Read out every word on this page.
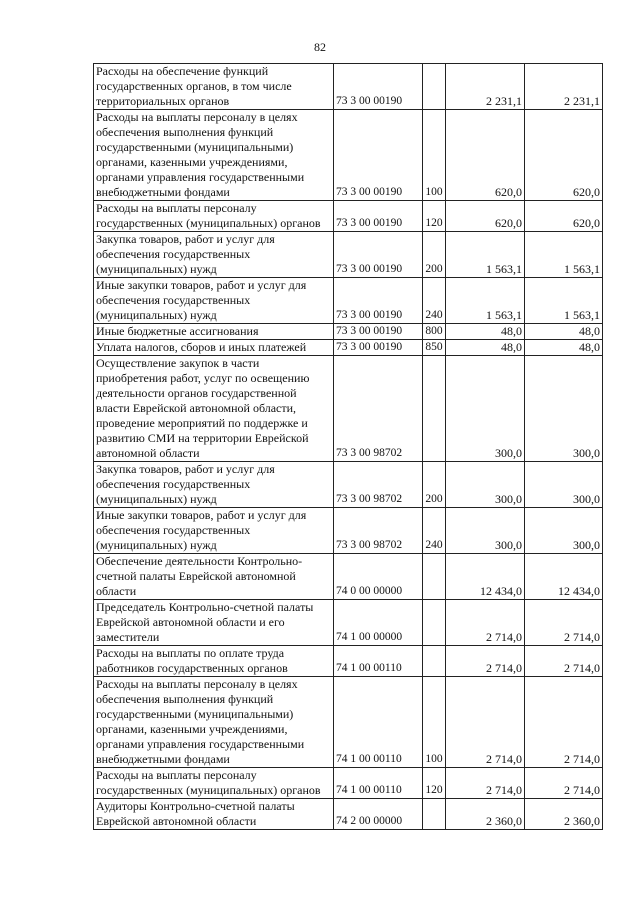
82
Расходы на обеспечение функций государственных органов, в том числе территориальных органов	73 3 00 00190		2 231,1	2 231,1
Расходы на выплаты персоналу в целях обеспечения выполнения функций государственными (муниципальными) органами, казенными учреждениями, органами управления государственными внебюджетными фондами	73 3 00 00190	100	620,0	620,0
Расходы на выплаты персоналу государственных (муниципальных) органов	73 3 00 00190	120	620,0	620,0
Закупка товаров, работ и услуг для обеспечения государственных (муниципальных) нужд	73 3 00 00190	200	1 563,1	1 563,1
Иные закупки товаров, работ и услуг для обеспечения государственных (муниципальных) нужд	73 3 00 00190	240	1 563,1	1 563,1
Иные бюджетные ассигнования	73 3 00 00190	800	48,0	48,0
Уплата налогов, сборов и иных платежей	73 3 00 00190	850	48,0	48,0
Осуществление закупок в части приобретения работ, услуг по освещению деятельности органов государственной власти Еврейской автономной области, проведение мероприятий по поддержке и развитию СМИ на территории Еврейской автономной области	73 3 00 98702		300,0	300,0
Закупка товаров, работ и услуг для обеспечения государственных (муниципальных) нужд	73 3 00 98702	200	300,0	300,0
Иные закупки товаров, работ и услуг для обеспечения государственных (муниципальных) нужд	73 3 00 98702	240	300,0	300,0
Обеспечение деятельности Контрольно-счетной палаты Еврейской автономной области	74 0 00 00000		12 434,0	12 434,0
Председатель Контрольно-счетной палаты Еврейской автономной области и его заместители	74 1 00 00000		2 714,0	2 714,0
Расходы на выплаты по оплате труда работников государственных органов	74 1 00 00110		2 714,0	2 714,0
Расходы на выплаты персоналу в целях обеспечения выполнения функций государственными (муниципальными) органами, казенными учреждениями, органами управления государственными внебюджетными фондами	74 1 00 00110	100	2 714,0	2 714,0
Расходы на выплаты персоналу государственных (муниципальных) органов	74 1 00 00110	120	2 714,0	2 714,0
Аудиторы Контрольно-счетной палаты Еврейской автономной области	74 2 00 00000		2 360,0	2 360,0
